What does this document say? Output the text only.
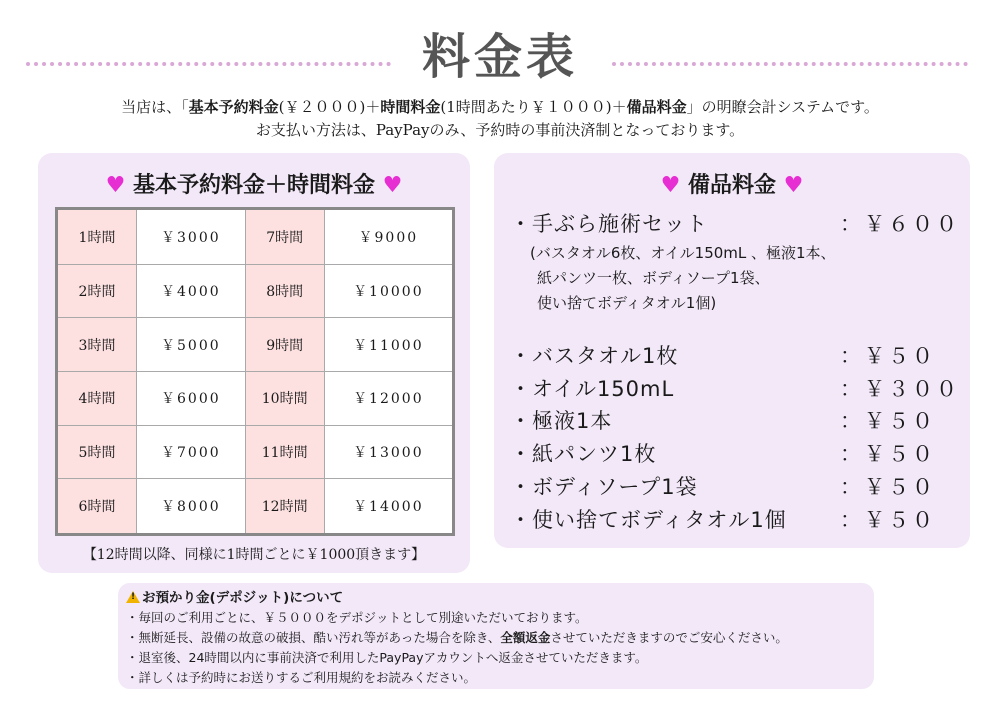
料金表
当店は、「基本予約料金(￥２０００)＋時間料金(1時間あたり￥１０００)＋備品料金」の明瞭会計システムです。
お支払い方法は、PayPayのみ、予約時の事前決済制となっております。
♥ 基本予約料金＋時間料金 ♥
1時間	￥3000	7時間	￥9000
2時間	￥4000	8時間	￥10000
3時間	￥5000	9時間	￥11000
4時間	￥6000	10時間	￥12000
5時間	￥7000	11時間	￥13000
6時間	￥8000	12時間	￥14000
【12時間以降、同様に1時間ごとに￥1000頂きます】
♥ 備品料金 ♥
・手ぶら施術セット	：￥６００
(バスタオル6枚、オイル150mL 、極液1本、
紙パンツ一枚、ボディソープ1袋、
使い捨てボディタオル1個)
・バスタオル1枚	：￥５０
・オイル150mL	：￥３００
・極液1本	：￥５０
・紙パンツ1枚	：￥５０
・ボディソープ1袋	：￥５０
・使い捨てボディタオル1個	：￥５０
!お預かり金(デポジット)について
・毎回のご利用ごとに、￥５０００をデポジットとして別途いただいております。
・無断延長、設備の故意の破損、酷い汚れ等があった場合を除き、全額返金させていただきますのでご安心ください。
・退室後、24時間以内に事前決済で利用したPayPayアカウントへ返金させていただきます。
・詳しくは予約時にお送りするご利用規約をお読みください。
